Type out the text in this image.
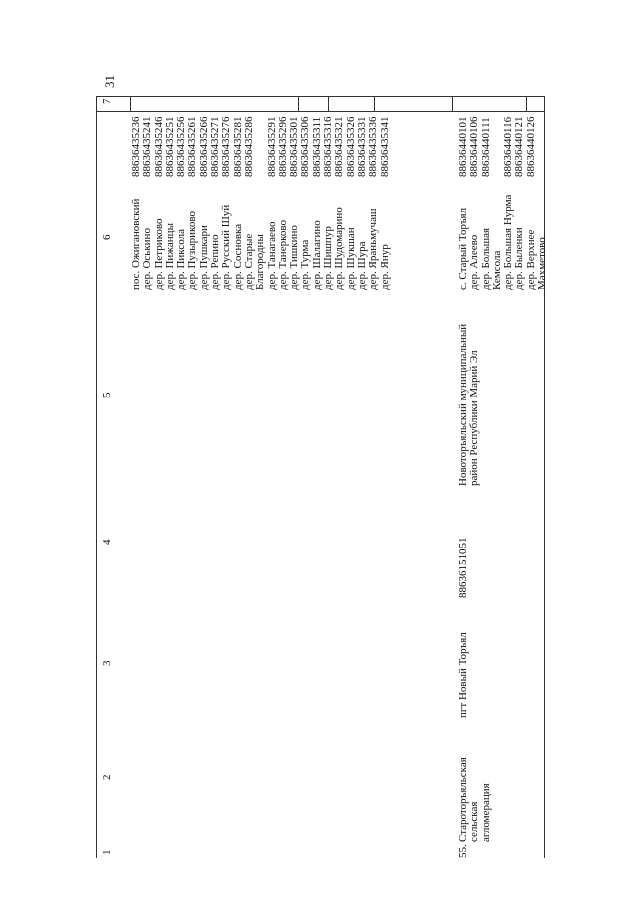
31
1
2
3
4
5
6
7
пос. Ожигановский дер. Оськино дер. Петриково дер. Пижанцы дер. Пиксола дер. Пузыриково дер. Пушкари дер. Репино дер. Русский Шуй дер. Сосновка дер. Старые Благородны дер. Танагаево дер. Танерково дер. Тишкино дер. Турма дер. Шалагино дер. Шишпур дер. Шудомарино дер. Шукшан дер. Шура дер. Яраньмучаш дер. Янур
88636435236 88636435241 88636435246 88636435251 88636435256 88636435261 88636435266 88636435271 88636435276 88636435281 88636435286 88636435291 88636435296 88636435301 88636435306 88636435311 88636435316 88636435321 88636435326 88636435331 88636435336 88636435341
55.
Староторъяльская сельская агломерация
пгт Новый Торъял
88636151051
Новоторъяльский муниципальный район Республики Марий Эл
с. Старый Торъял дер. Алеево дер. Большая Кемсола дер. Большая Нурма дер. Быленки дер. Верхнее Махметово
88636440101 88636440106 88636440111 88636440116 88636440121 88636440126
